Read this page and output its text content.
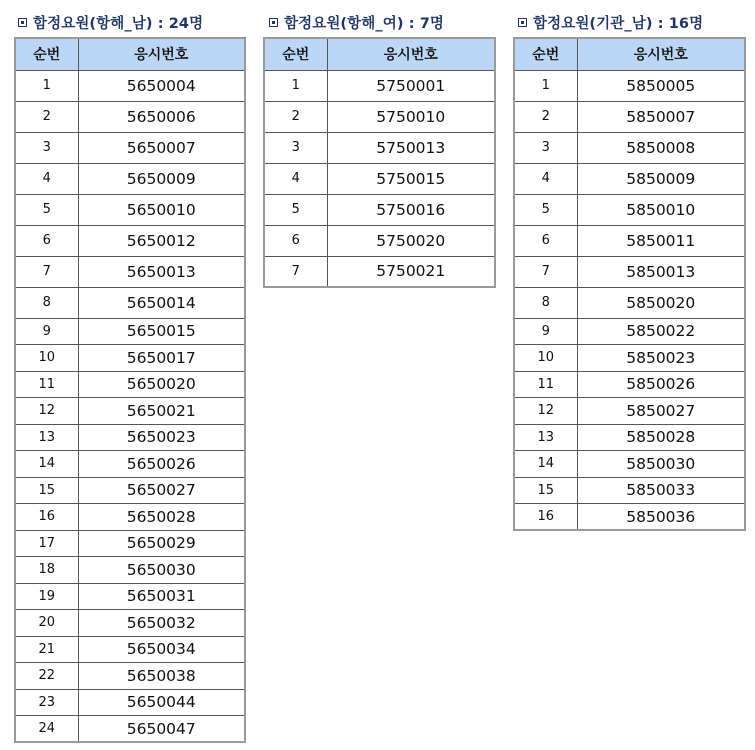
함정요원(항해_남) : 24명
순번	응시번호
1	5650004
2	5650006
3	5650007
4	5650009
5	5650010
6	5650012
7	5650013
8	5650014
9	5650015
10	5650017
11	5650020
12	5650021
13	5650023
14	5650026
15	5650027
16	5650028
17	5650029
18	5650030
19	5650031
20	5650032
21	5650034
22	5650038
23	5650044
24	5650047
함정요원(항해_여) : 7명
순번	응시번호
1	5750001
2	5750010
3	5750013
4	5750015
5	5750016
6	5750020
7	5750021
함정요원(기관_남) : 16명
순번	응시번호
1	5850005
2	5850007
3	5850008
4	5850009
5	5850010
6	5850011
7	5850013
8	5850020
9	5850022
10	5850023
11	5850026
12	5850027
13	5850028
14	5850030
15	5850033
16	5850036
